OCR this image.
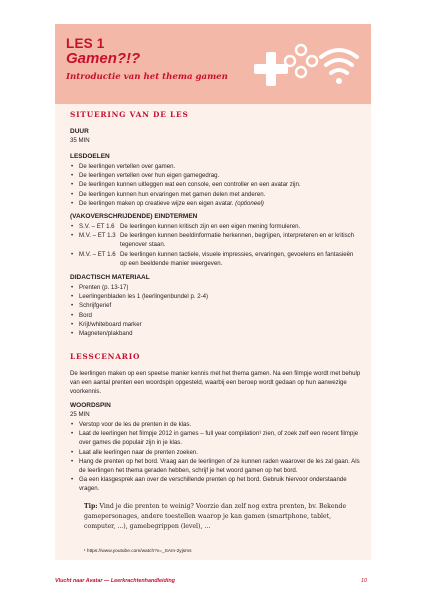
LES 1
Gamen?!?
Introductie van het thema gamen
SITUERING VAN DE LES
DUUR
35 MIN
LESDOELEN
• De leerlingen vertellen over gamen.
• De leerlingen vertellen over hun eigen gamegedrag.
• De leerlingen kunnen uitleggen wat een console, een controller en een avatar zijn.
• De leerlingen kunnen hun ervaringen met gamen delen met anderen.
• De leerlingen maken op creatieve wijze een eigen avatar. (optioneel)
(VAKOVERSCHRIJDENDE) EINDTERMEN
• S.V. – ET 1.6 De leerlingen kunnen kritisch zijn en een eigen mening formuleren.
• M.V. – ET 1.3 De leerlingen kunnen beeldinformatie herkennen, begrijpen, interpreteren en er kritisch tegenover staan.
• M.V. – ET 1.6 De leerlingen kunnen tactiele, visuele impressies, ervaringen, gevoelens en fantasieën op een beeldende manier weergeven.
DIDACTISCH MATERIAAL
• Prenten (p. 13-17)
• Leerlingenbladen les 1 (leerlingenbundel p. 2-4)
• Schrijfgerief
• Bord
• Krijt/whiteboard marker
• Magneten/plakband
LESSCENARIO
De leerlingen maken op een speelse manier kennis met het thema gamen. Na een filmpje wordt met behulp van een aantal prenten een woordspin opgesteld, waarbij een beroep wordt gedaan op hun aanwezige voorkennis.
WOORDSPIN
25 MIN
• Verstop voor de les de prenten in de klas.
• Laat de leerlingen het filmpje 2012 in games – full year compilation¹ zien, of zoek zelf een recent filmpje over games die populair zijn in je klas.
• Laat alle leerlingen naar de prenten zoeken.
• Hang de prenten op het bord. Vraag aan de leerlingen of ze kunnen raden waarover de les zal gaan. Als de leerlingen het thema geraden hebben, schrijf je het woord gamen op het bord.
• Ga een klasgesprek aan over de verschillende prenten op het bord. Gebruik hiervoor onderstaande vragen.
Tip: Vind je die prenten te weinig? Voorzie dan zelf nog extra prenten, bv. Bekende gamepersonages, andere toestellen waarop je kan gamen (smartphone, tablet, computer, ...), gamebegrippen (level), ...
¹ https://www.youtube.com/watch?v=_SAm-2yjsms
Vlucht naar Avatar — Leerkrachtenhandleiding	10
